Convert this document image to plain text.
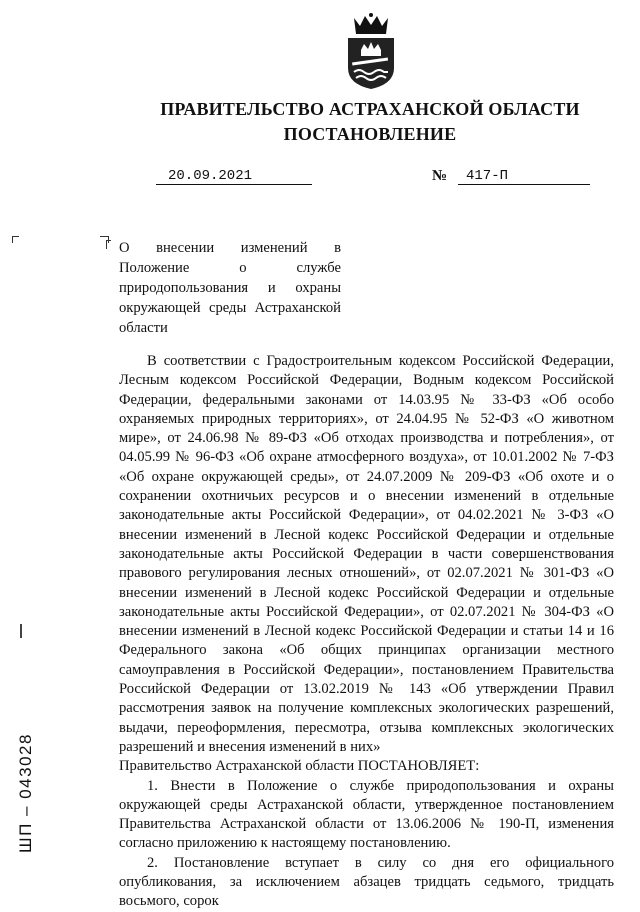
ПРАВИТЕЛЬСТВО АСТРАХАНСКОЙ ОБЛАСТИ
ПОСТАНОВЛЕНИЕ
20.09.2021	№	417-П
О внесении изменений в Положение о службе природопользования и охраны окружающей среды Астраханской области

В соответствии с Градостроительным кодексом Российской Федерации, Лесным кодексом Российской Федерации, Водным кодексом Российской Федерации, федеральными законами от 14.03.95 № 33-ФЗ «Об особо охраняемых природных территориях», от 24.04.95 № 52-ФЗ «О животном мире», от 24.06.98 № 89-ФЗ «Об отходах производства и потребления», от 04.05.99 № 96-ФЗ «Об охране атмосферного воздуха», от 10.01.2002 № 7-ФЗ «Об охране окружающей среды», от 24.07.2009 № 209-ФЗ «Об охоте и о сохранении охотничьих ресурсов и о внесении изменений в отдельные законодательные акты Российской Федерации», от 04.02.2021 № 3-ФЗ «О внесении изменений в Лесной кодекс Российской Федерации и отдельные законодательные акты Российской Федерации в части совершенствования правового регулирования лесных отношений», от 02.07.2021 № 301-ФЗ «О внесении изменений в Лесной кодекс Российской Федерации и отдельные законодательные акты Российской Федерации», от 02.07.2021 № 304-ФЗ «О внесении изменений в Лесной кодекс Российской Федерации и статьи 14 и 16 Федерального закона «Об общих принципах организации местного самоуправления в Российской Федерации», постановлением Правительства Российской Федерации от 13.02.2019 № 143 «Об утверждении Правил рассмотрения заявок на получение комплексных экологических разрешений, выдачи, переоформления, пересмотра, отзыва комплексных экологических разрешений и внесения изменений в них»

Правительство Астраханской области ПОСТАНОВЛЯЕТ:

1. Внести в Положение о службе природопользования и охраны окружающей среды Астраханской области, утвержденное постановлением Правительства Астраханской области от 13.06.2006 № 190-П, изменения согласно приложению к настоящему постановлению.

2. Постановление вступает в силу со дня его официального опубликования, за исключением абзацев тридцать седьмого, тридцать восьмого, сорок

ШП – 043028
